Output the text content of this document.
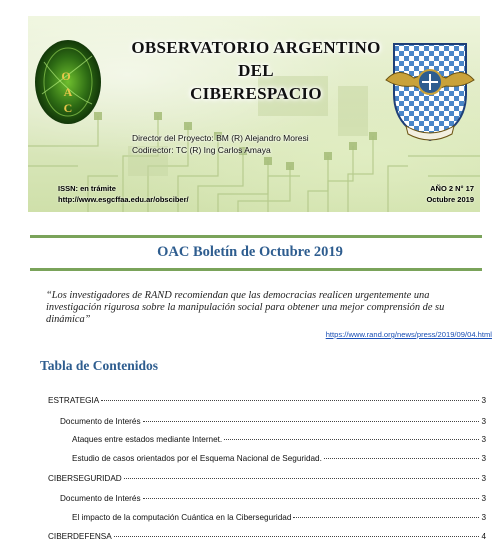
O
A
C
OBSERVATORIO ARGENTINO
DEL
CIBERESPACIO
Director del Proyecto: BM (R) Alejandro Moresi
Codirector: TC (R) Ing Carlos Amaya
ISSN: en trámite
http://www.esgcffaa.edu.ar/obsciber/
AÑO 2 N° 17
Octubre 2019
OAC Boletín de Octubre 2019
“Los investigadores de RAND recomiendan que las democracias realicen urgentemente una investigación rigurosa sobre la manipulación social para obtener una mejor comprensión de su dinámica”
https://www.rand.org/news/press/2019/09/04.html
Tabla de Contenidos
ESTRATEGIA	3
Documento de Interés	3
Ataques entre estados mediante Internet.	3
Estudio de casos orientados por el Esquema Nacional de Seguridad.	3
CIBERSEGURIDAD	3
Documento de Interés	3
El impacto de la computación Cuántica en la Ciberseguridad	3
CIBERDEFENSA	4
